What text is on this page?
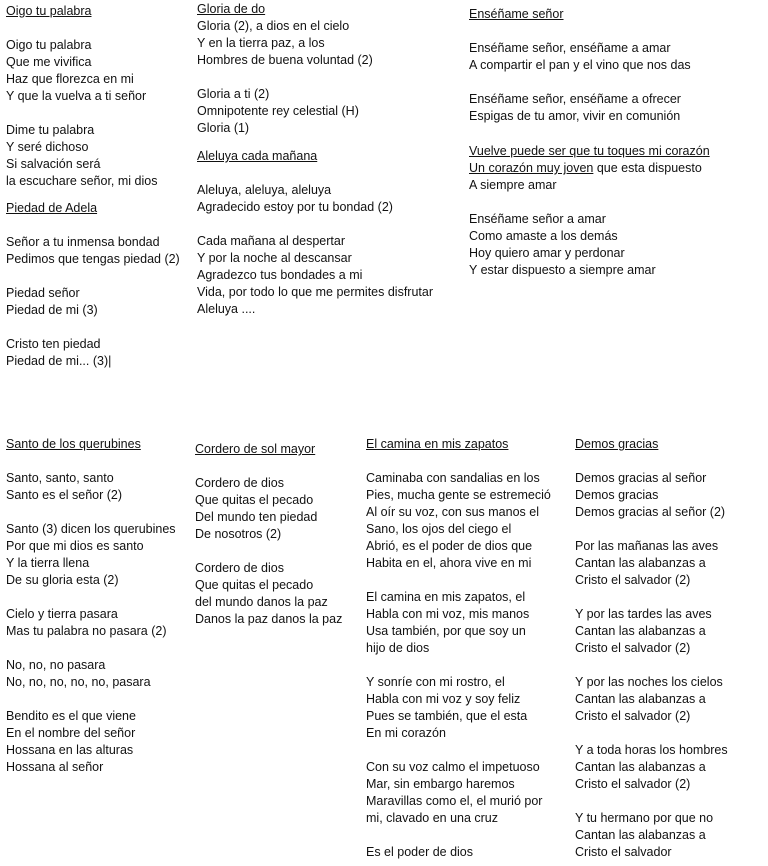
Oigo tu palabra
Oigo tu palabra
Que me vivifica
Haz que florezca en mi
Y que la vuelva a ti señor
Dime tu palabra
Y seré dichoso
Si salvación será
la escuchare señor, mi dios
Piedad de Adela
Señor a tu inmensa bondad
Pedimos que tengas piedad (2)
Piedad señor
Piedad de mi (3)
Cristo ten piedad
Piedad de mi... (3)|
Gloria de do
Gloria (2), a dios en el cielo
Y en la tierra paz, a los
Hombres de buena voluntad (2)
Gloria a ti (2)
Omnipotente rey celestial (H)
Gloria (1)
Aleluya cada mañana
Aleluya, aleluya, aleluya
Agradecido estoy por tu bondad (2)
Cada mañana al despertar
Y por la noche al descansar
Agradezco tus bondades a mi
Vida, por todo lo que me permites disfrutar
Aleluya ....
Enséñame señor
Enséñame señor, enséñame a amar
A compartir el pan y el vino que nos das
Enséñame señor, enséñame a ofrecer
Espigas de tu amor, vivir en comunión
Vuelve puede ser que tu toques mi corazón
Un corazón muy joven que esta dispuesto
A siempre amar
Enséñame señor a amar
Como amaste a los demás
Hoy quiero amar y perdonar
Y estar dispuesto a siempre amar
Santo de los querubines
Santo, santo, santo
Santo es el señor (2)
Santo (3) dicen los querubines
Por que mi dios es santo
Y la tierra llena
De su gloria esta (2)
Cielo y tierra pasara
Mas tu palabra no pasara (2)
No, no, no pasara
No, no, no, no, no, pasara
Bendito es el que viene
En el nombre del señor
Hossana en las alturas
Hossana al señor
Cordero de sol mayor
Cordero de dios
Que quitas el pecado
Del mundo ten piedad
De nosotros (2)
Cordero de dios
Que quitas el pecado
del mundo danos la paz
Danos la paz danos la paz
El camina en mis zapatos
Caminaba con sandalias en los
Pies, mucha gente se estremeció
Al oír su voz, con sus manos el
Sano, los ojos del ciego el
Abrió, es el poder de dios que
Habita en el, ahora vive en mi
El camina en mis zapatos, el
Habla con mi voz, mis manos
Usa también, por que soy un
hijo de dios
Y sonríe con mi rostro, el
Habla con mi voz y soy feliz
Pues se también, que el esta
En mi corazón
Con su voz calmo el impetuoso
Mar, sin embargo haremos
Maravillas como el, el murió por
mi, clavado en una cruz
Es el poder de dios
Demos gracias
Demos gracias al señor
Demos gracias
Demos gracias al señor (2)
Por las mañanas las aves
Cantan las alabanzas a
Cristo el salvador (2)
Y por las tardes las aves
Cantan las alabanzas a
Cristo el salvador (2)
Y por las noches los cielos
Cantan las alabanzas a
Cristo el salvador (2)
Y a toda horas los hombres
Cantan las alabanzas a
Cristo el salvador (2)
Y tu hermano por que no
Cantan las alabanzas a
Cristo el salvador
